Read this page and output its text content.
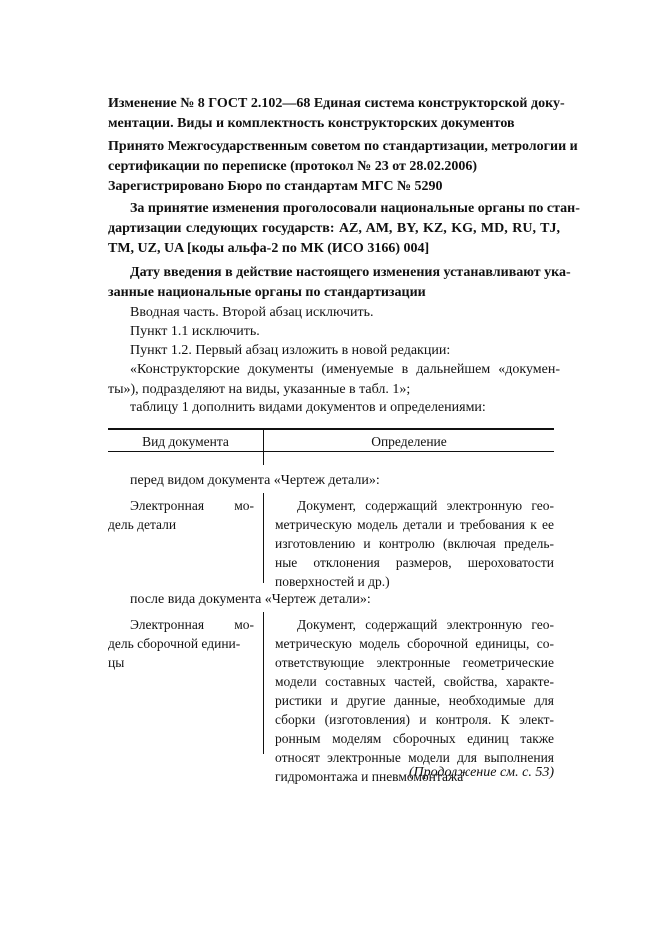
Изменение № 8 ГОСТ 2.102—68 Единая система конструкторской доку-
ментации. Виды и комплектность конструкторских документов
Принято Межгосударственным советом по стандартизации, метрологии и
сертификации по переписке (протокол № 23 от 28.02.2006)
Зарегистрировано Бюро по стандартам МГС № 5290
За принятие изменения проголосовали национальные органы по стан-
дартизации следующих государств: AZ, AM, BY, KZ, KG, MD, RU, TJ,
TM, UZ, UA [коды альфа-2 по МК (ИСО 3166) 004]
Дату введения в действие настоящего изменения устанавливают ука-
занные национальные органы по стандартизации
Вводная часть. Второй абзац исключить.
Пункт 1.1 исключить.
Пункт 1.2. Первый абзац изложить в новой редакции:
«Конструкторские документы (именуемые в дальнейшем «докумен-
ты»), подразделяют на виды, указанные в табл. 1»;
таблицу 1 дополнить видами документов и определениями:
Вид документа	Определение
перед видом документа «Чертеж детали»:
Электронная мо-
дель детали
Документ, содержащий электронную гео-
метрическую модель детали и требования к ее
изготовлению и контролю (включая предель-
ные отклонения размеров, шероховатости
поверхностей и др.)
после вида документа «Чертеж детали»:
Электронная мо-
дель сборочной едини-
цы
Документ, содержащий электронную гео-
метрическую модель сборочной единицы, со-
ответствующие электронные геометрические
модели составных частей, свойства, характе-
ристики и другие данные, необходимые для
сборки (изготовления) и контроля. К элект-
ронным моделям сборочных единиц также
относят электронные модели для выполнения
гидромонтажа и пневмомонтажа
(Продолжение см. с. 53)
